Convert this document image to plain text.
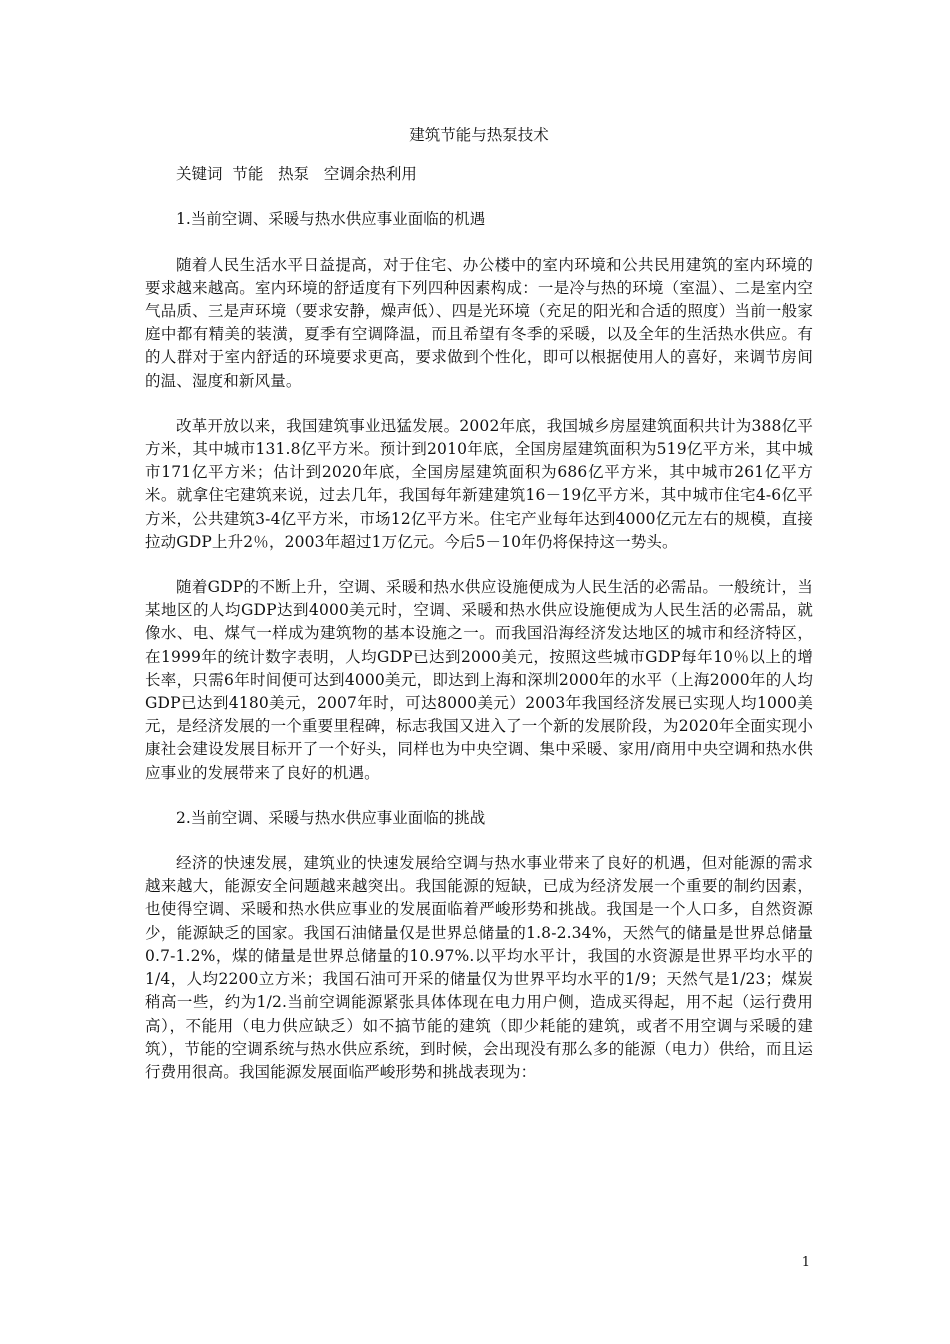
建筑节能与热泵技术

关键词  节能   热泵   空调余热利用

1.当前空调、采暖与热水供应事业面临的机遇

随着人民生活水平日益提高，对于住宅、办公楼中的室内环境和公共民用建筑的室内环境的要求越来越高。室内环境的舒适度有下列四种因素构成：一是冷与热的环境（室温）、二是室内空气品质、三是声环境（要求安静，燥声低）、四是光环境（充足的阳光和合适的照度）当前一般家庭中都有精美的装潢，夏季有空调降温，而且希望有冬季的采暖，以及全年的生活热水供应。有的人群对于室内舒适的环境要求更高，要求做到个性化，即可以根据使用人的喜好，来调节房间的温、湿度和新风量。

改革开放以来，我国建筑事业迅猛发展。2002年底，我国城乡房屋建筑面积共计为388亿平方米，其中城市131.8亿平方米。预计到2010年底，全国房屋建筑面积为519亿平方米，其中城市171亿平方米；估计到2020年底，全国房屋建筑面积为686亿平方米，其中城市261亿平方米。就拿住宅建筑来说，过去几年，我国每年新建建筑16－19亿平方米，其中城市住宅4-6亿平方米，公共建筑3-4亿平方米，市场12亿平方米。住宅产业每年达到4000亿元左右的规模，直接拉动GDP上升2％，2003年超过1万亿元。今后5－10年仍将保持这一势头。

随着GDP的不断上升，空调、采暖和热水供应设施便成为人民生活的必需品。一般统计，当某地区的人均GDP达到4000美元时，空调、采暖和热水供应设施便成为人民生活的必需品，就像水、电、煤气一样成为建筑物的基本设施之一。而我国沿海经济发达地区的城市和经济特区，在1999年的统计数字表明，人均GDP已达到2000美元，按照这些城市GDP每年10％以上的增长率，只需6年时间便可达到4000美元，即达到上海和深圳2000年的水平（上海2000年的人均GDP已达到4180美元，2007年时，可达8000美元）2003年我国经济发展已实现人均1000美元，是经济发展的一个重要里程碑，标志我国又进入了一个新的发展阶段，为2020年全面实现小康社会建设发展目标开了一个好头，同样也为中央空调、集中采暖、家用/商用中央空调和热水供应事业的发展带来了良好的机遇。

2.当前空调、采暖与热水供应事业面临的挑战

经济的快速发展，建筑业的快速发展给空调与热水事业带来了良好的机遇，但对能源的需求越来越大，能源安全问题越来越突出。我国能源的短缺，已成为经济发展一个重要的制约因素，也使得空调、采暖和热水供应事业的发展面临着严峻形势和挑战。我国是一个人口多，自然资源少，能源缺乏的国家。我国石油储量仅是世界总储量的1.8-2.34%，天然气的储量是世界总储量0.7-1.2%，煤的储量是世界总储量的10.97%.以平均水平计，我国的水资源是世界平均水平的1/4，人均2200立方米；我国石油可开采的储量仅为世界平均水平的1/9；天然气是1/23；煤炭稍高一些，约为1/2.当前空调能源紧张具体体现在电力用户侧，造成买得起，用不起（运行费用高），不能用（电力供应缺乏）如不搞节能的建筑（即少耗能的建筑，或者不用空调与采暖的建筑），节能的空调系统与热水供应系统，到时候，会出现没有那么多的能源（电力）供给，而且运行费用很高。我国能源发展面临严峻形势和挑战表现为：

1
